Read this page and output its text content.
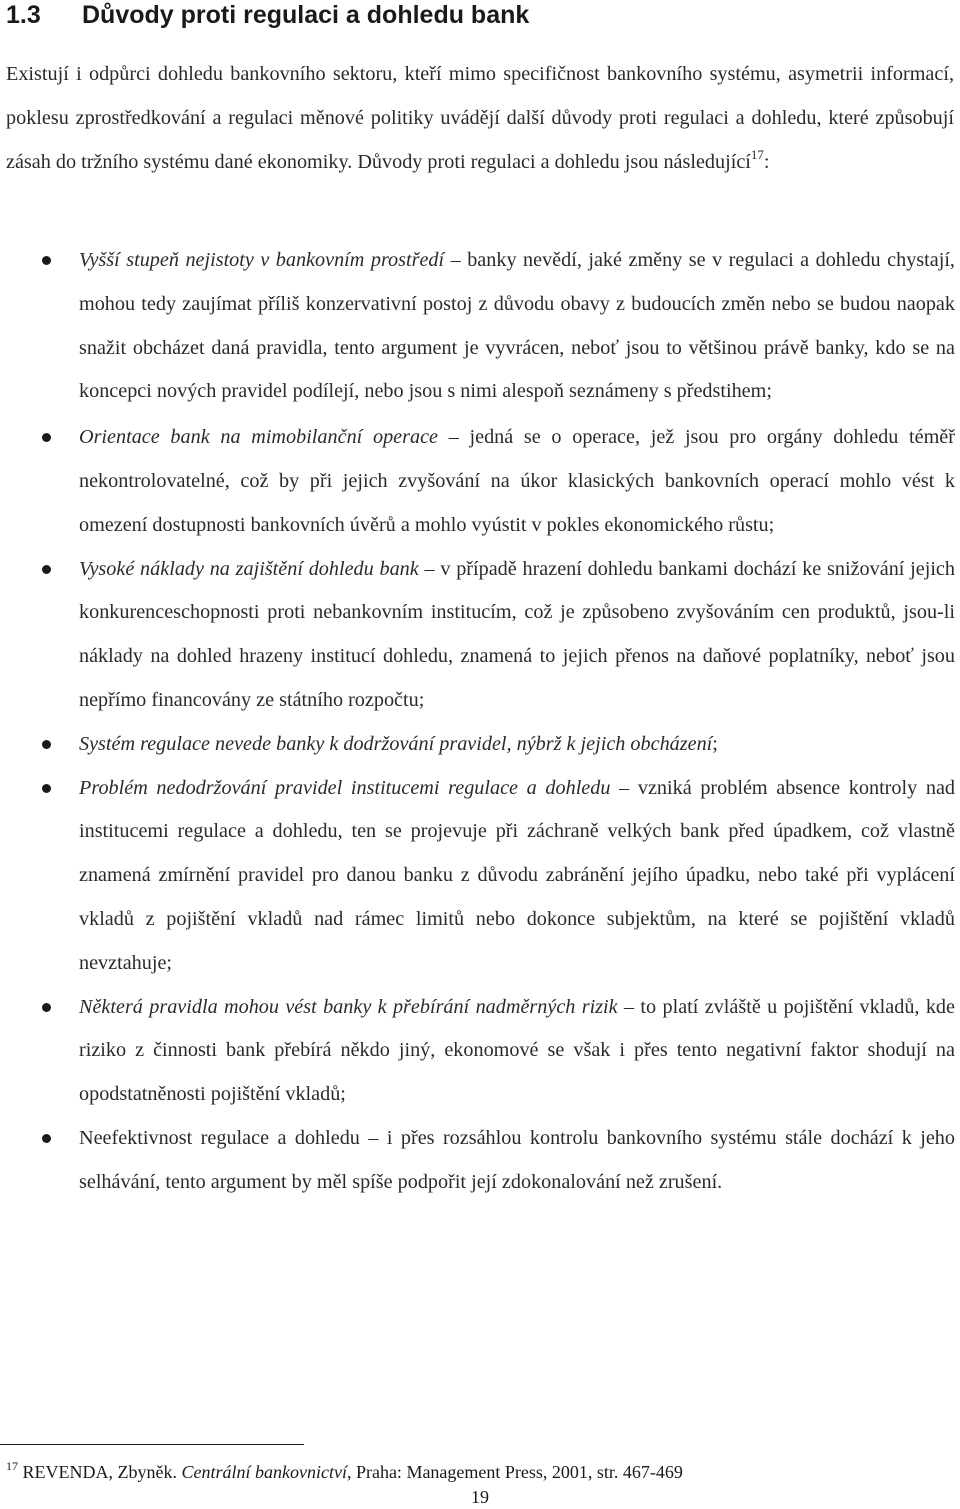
1.3 Důvody proti regulaci a dohledu bank

Existují i odpůrci dohledu bankovního sektoru, kteří mimo specifičnost bankovního systému, asymetrii informací, poklesu zprostředkování a regulaci měnové politiky uvádějí další důvody proti regulaci a dohledu, které způsobují zásah do tržního systému dané ekonomiky. Důvody proti regulaci a dohledu jsou následující$^{17}$:

Vyšší stupeň nejistoty v bankovním prostředí – banky nevědí, jaké změny se v regulaci a dohledu chystají, mohou tedy zaujímat příliš konzervativní postoj z důvodu obavy z budoucích změn nebo se budou naopak snažit obcházet daná pravidla, tento argument je vyvrácen, neboť jsou to většinou právě banky, kdo se na koncepci nových pravidel podílejí, nebo jsou s nimi alespoň seznámeny s předstihem;

Orientace bank na mimobilanční operace – jedná se o operace, jež jsou pro orgány dohledu téměř nekontrolovatelné, což by při jejich zvyšování na úkor klasických bankovních operací mohlo vést k omezení dostupnosti bankovních úvěrů a mohlo vyústit v pokles ekonomického růstu;

Vysoké náklady na zajištění dohledu bank – v případě hrazení dohledu bankami dochází ke snižování jejich konkurenceschopnosti proti nebankovním institucím, což je způsobeno zvyšováním cen produktů, jsou-li náklady na dohled hrazeny institucí dohledu, znamená to jejich přenos na daňové poplatníky, neboť jsou nepřímo financovány ze státního rozpočtu;

Systém regulace nevede banky k dodržování pravidel, nýbrž k jejich obcházení;

Problém nedodržování pravidel institucemi regulace a dohledu – vzniká problém absence kontroly nad institucemi regulace a dohledu, ten se projevuje při záchraně velkých bank před úpadkem, což vlastně znamená zmírnění pravidel pro danou banku z důvodu zabránění jejího úpadku, nebo také při vyplácení vkladů z pojištění vkladů nad rámec limitů nebo dokonce subjektům, na které se pojištění vkladů nevztahuje;

Některá pravidla mohou vést banky k přebírání nadměrných rizik – to platí zvláště u pojištění vkladů, kde riziko z činnosti bank přebírá někdo jiný, ekonomové se však i přes tento negativní faktor shodují na opodstatněnosti pojištění vkladů;

Neefektivnost regulace a dohledu – i přes rozsáhlou kontrolu bankovního systému stále dochází k jeho selhávání, tento argument by měl spíše podpořit její zdokonalování než zrušení.

$^{17}$ REVENDA, Zbyněk. Centrální bankovnictví, Praha: Management Press, 2001, str. 467-469

19
